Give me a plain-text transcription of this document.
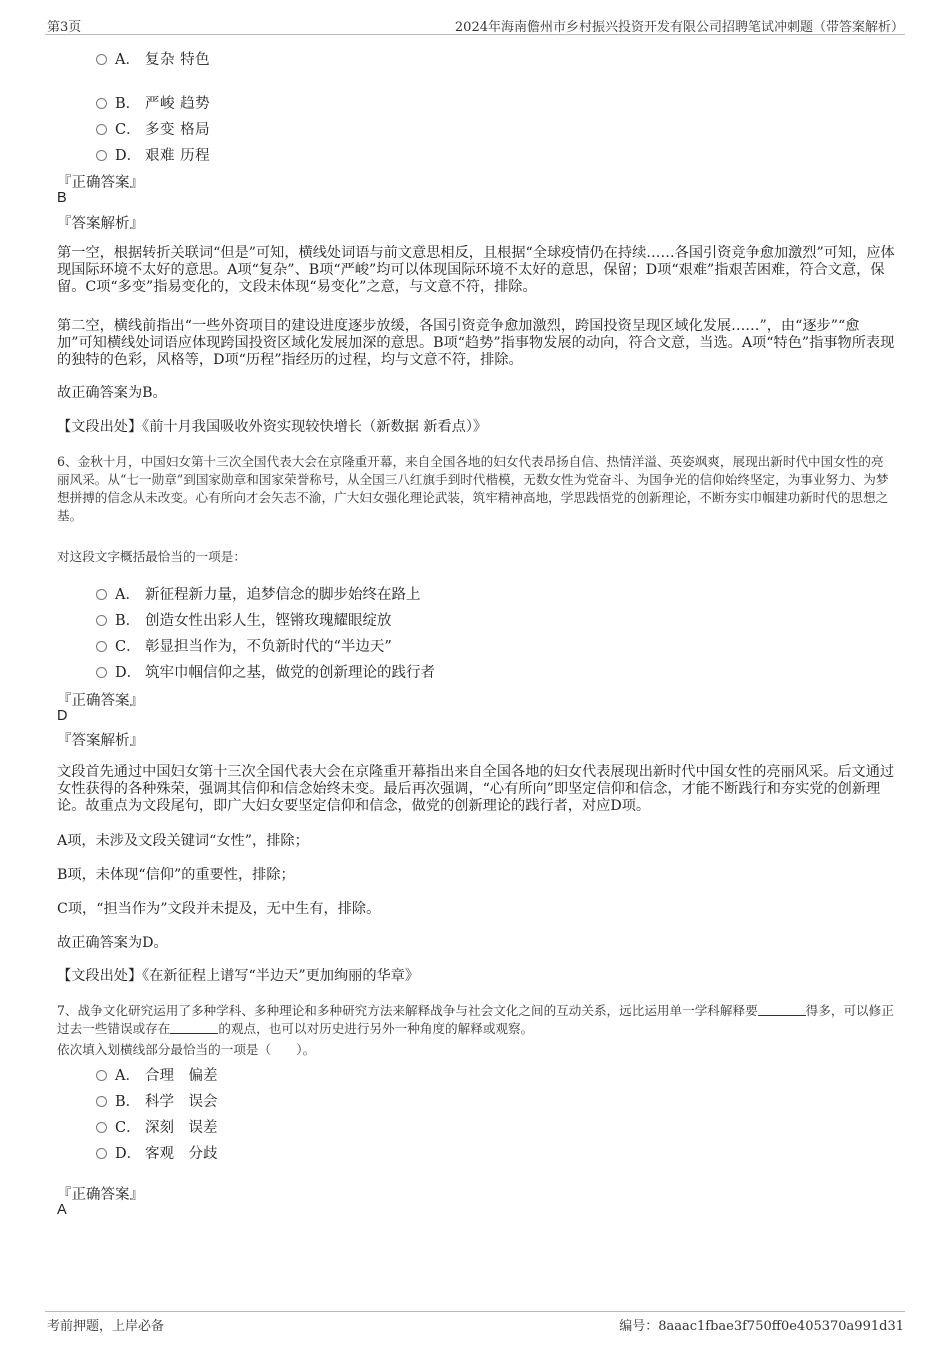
第3页	2024年海南儋州市乡村振兴投资开发有限公司招聘笔试冲刺题（带答案解析）
A． 复杂 特色
B． 严峻 趋势
C． 多变 格局
D． 艰难 历程
『正确答案』
B
『答案解析』
第一空，根据转折关联词“但是”可知，横线处词语与前文意思相反，且根据“全球疫情仍在持续……各国引资竞争愈加激烈”可知，应体现国际环境不太好的意思。A项“复杂”、B项“严峻”均可以体现国际环境不太好的意思，保留；D项“艰难”指艰苦困难，符合文意，保留。C项“多变”指易变化的，文段未体现“易变化”之意，与文意不符，排除。
第二空，横线前指出“一些外资项目的建设进度逐步放缓，各国引资竞争愈加激烈，跨国投资呈现区域化发展……”，由“逐步”“愈加”可知横线处词语应体现跨国投资区域化发展加深的意思。B项“趋势”指事物发展的动向，符合文意，当选。A项“特色”指事物所表现的独特的色彩，风格等，D项“历程”指经历的过程，均与文意不符，排除。
故正确答案为B。
【文段出处】《前十月我国吸收外资实现较快增长（新数据 新看点）》
6、金秋十月，中国妇女第十三次全国代表大会在京隆重开幕，来自全国各地的妇女代表昂扬自信、热情洋溢、英姿飒爽，展现出新时代中国女性的亮丽风采。从“七一勋章”到国家勋章和国家荣誉称号，从全国三八红旗手到时代楷模，无数女性为党奋斗、为国争光的信仰始终坚定，为事业努力、为梦想拼搏的信念从未改变。心有所向才会矢志不渝，广大妇女强化理论武装，筑牢精神高地，学思践悟党的创新理论，不断夯实巾帼建功新时代的思想之基。
对这段文字概括最恰当的一项是：
A． 新征程新力量，追梦信念的脚步始终在路上
B． 创造女性出彩人生，铿锵玫瑰耀眼绽放
C． 彰显担当作为，不负新时代的“半边天”
D． 筑牢巾帼信仰之基，做党的创新理论的践行者
『正确答案』
D
『答案解析』
文段首先通过中国妇女第十三次全国代表大会在京隆重开幕指出来自全国各地的妇女代表展现出新时代中国女性的亮丽风采。后文通过女性获得的各种殊荣，强调其信仰和信念始终未变。最后再次强调，“心有所向”即坚定信仰和信念，才能不断践行和夯实党的创新理论。故重点为文段尾句，即广大妇女要坚定信仰和信念，做党的创新理论的践行者，对应D项。
A项，未涉及文段关键词“女性”，排除；
B项，未体现“信仰”的重要性，排除；
C项，“担当作为”文段并未提及，无中生有，排除。
故正确答案为D。
【文段出处】《在新征程上谱写“半边天”更加绚丽的华章》
7、战争文化研究运用了多种学科、多种理论和多种研究方法来解释战争与社会文化之间的互动关系，远比运用单一学科解释要	得多，可以修正过去一些错误或存在	的观点，也可以对历史进行另外一种角度的解释或观察。
依次填入划横线部分最恰当的一项是（　　）。
A． 合理　偏差
B． 科学　误会
C． 深刻　误差
D． 客观　分歧
『正确答案』
A
考前押题，上岸必备	编号：8aaac1fbae3f750ff0e405370a991d31
